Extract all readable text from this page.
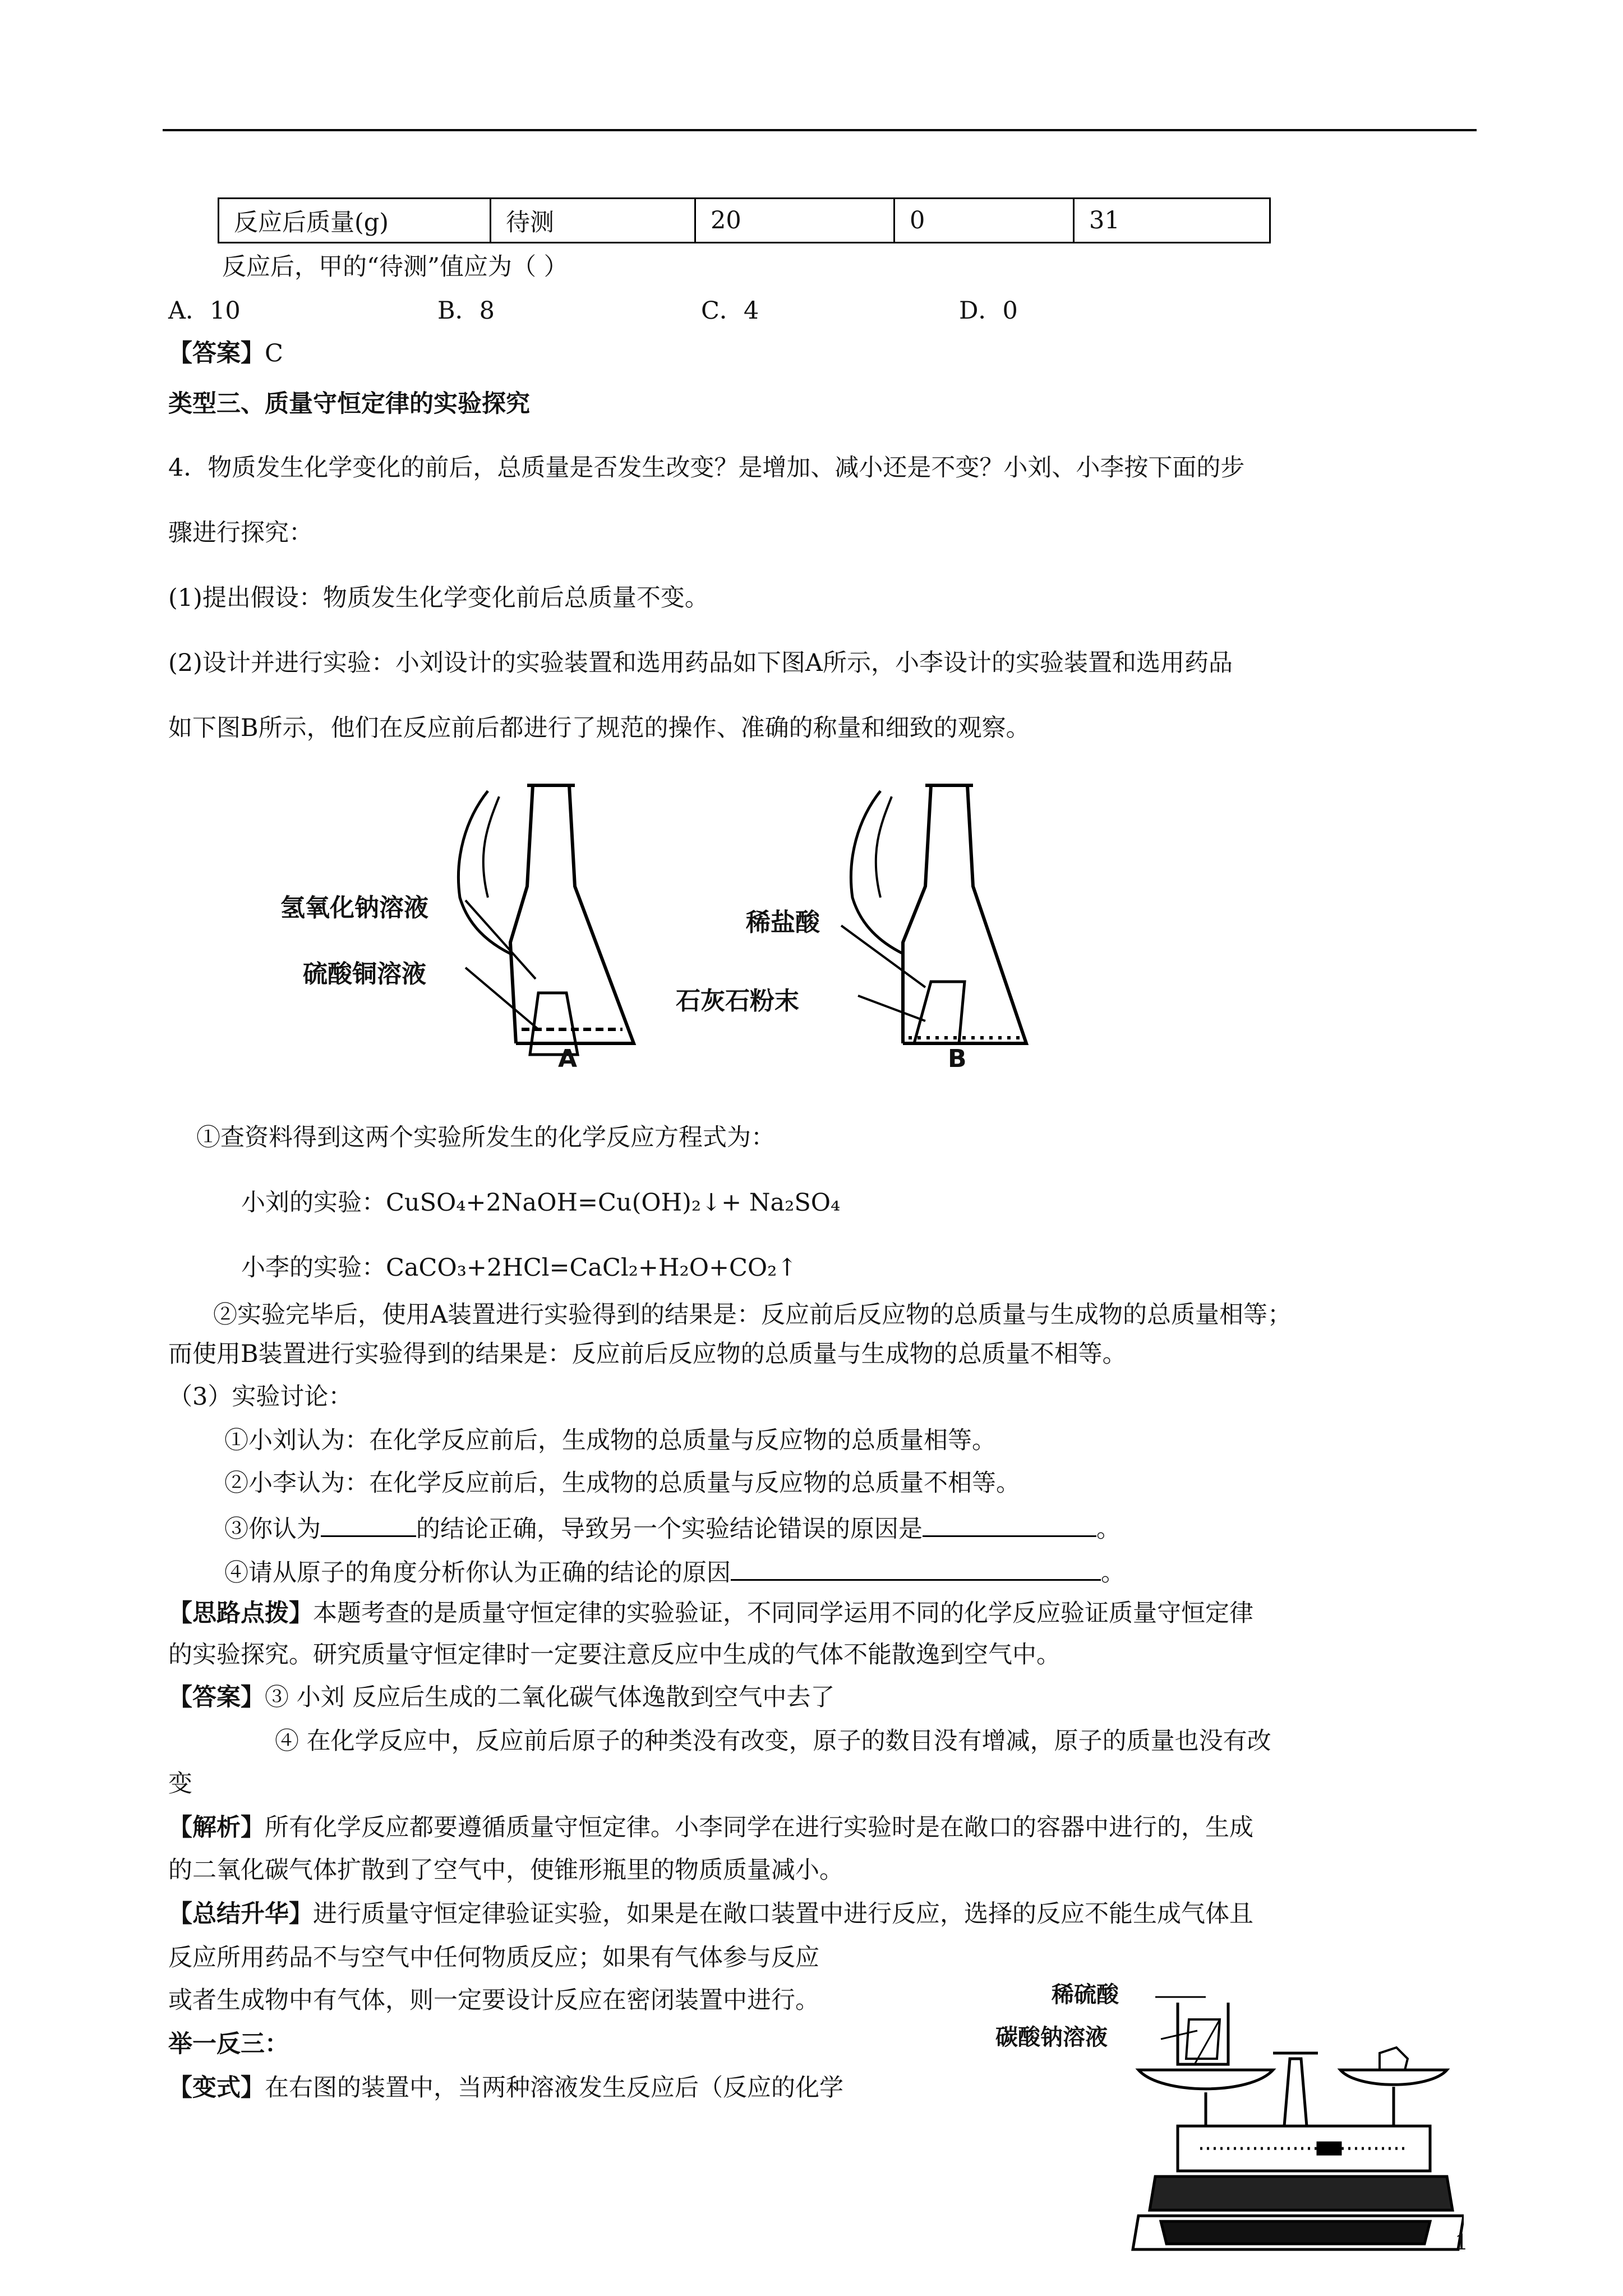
反应后质量(g)	待测	20	0	31
反应后，甲的“待测”值应为（ ）
A．10	B．8	C．4	D．0
【答案】C
类型三、质量守恒定律的实验探究
4．物质发生化学变化的前后，总质量是否发生改变？是增加、减小还是不变？小刘、小李按下面的步
骤进行探究：
(1)提出假设：物质发生化学变化前后总质量不变。
(2)设计并进行实验：小刘设计的实验装置和选用药品如下图A所示，小李设计的实验装置和选用药品
如下图B所示，他们在反应前后都进行了规范的操作、准确的称量和细致的观察。
氢氧化钠溶液
硫酸铜溶液
A
稀盐酸
石灰石粉末
B
①查资料得到这两个实验所发生的化学反应方程式为：
小刘的实验：CuSO₄+2NaOH=Cu(OH)₂↓+ Na₂SO₄
小李的实验：CaCO₃+2HCl=CaCl₂+H₂O+CO₂↑
②实验完毕后，使用A装置进行实验得到的结果是：反应前后反应物的总质量与生成物的总质量相等；
而使用B装置进行实验得到的结果是：反应前后反应物的总质量与生成物的总质量不相等。
（3）实验讨论：
①小刘认为：在化学反应前后，生成物的总质量与反应物的总质量相等。
②小李认为：在化学反应前后，生成物的总质量与反应物的总质量不相等。
③你认为	的结论正确，导致另一个实验结论错误的原因是	。
④请从原子的角度分析你认为正确的结论的原因	。
【思路点拨】本题考查的是质量守恒定律的实验验证，不同同学运用不同的化学反应验证质量守恒定律
的实验探究。研究质量守恒定律时一定要注意反应中生成的气体不能散逸到空气中。
【答案】③ 小刘 反应后生成的二氧化碳气体逸散到空气中去了
④ 在化学反应中，反应前后原子的种类没有改变，原子的数目没有增减，原子的质量也没有改
变
【解析】所有化学反应都要遵循质量守恒定律。小李同学在进行实验时是在敞口的容器中进行的，生成
的二氧化碳气体扩散到了空气中，使锥形瓶里的物质质量减小。
【总结升华】进行质量守恒定律验证实验，如果是在敞口装置中进行反应，选择的反应不能生成气体且
反应所用药品不与空气中任何物质反应；如果有气体参与反应
或者生成物中有气体，则一定要设计反应在密闭装置中进行。
举一反三：
【变式】在右图的装置中，当两种溶液发生反应后（反应的化学
稀硫酸
碳酸钠溶液
1
